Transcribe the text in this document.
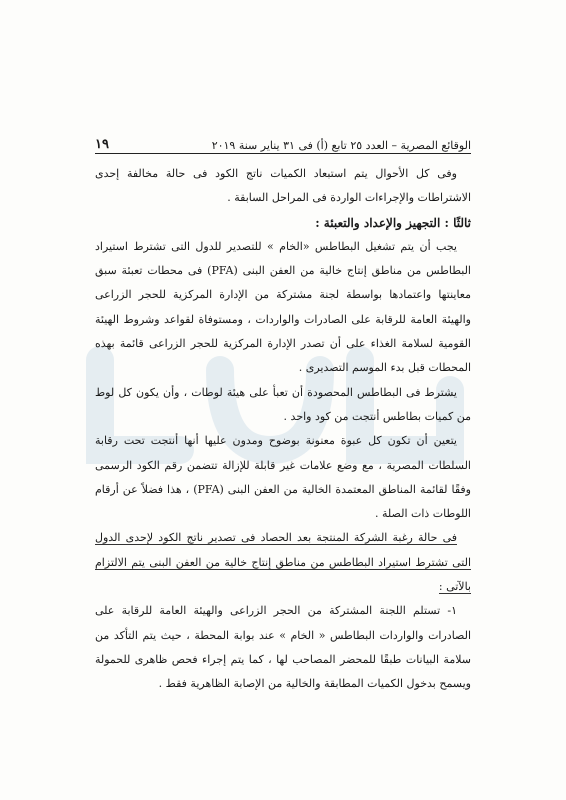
١٩	الوقائع المصرية – العدد ٢٥ تابع (أ) فى ٣١ يناير سنة ٢٠١٩

وفى كل الأحوال يتم استبعاد الكميات ناتج الكود فى حالة مخالفة إحدى الاشتراطات والإجراءات الواردة فى المراحل السابقة .

ثالثًا : التجهيز والإعداد والتعبئة :

يجب أن يتم تشغيل البطاطس «الخام » للتصدير للدول التى تشترط استيراد البطاطس من مناطق إنتاج خالية من العفن البنى (PFA) فى محطات تعبئة سبق معاينتها واعتمادها بواسطة لجنة مشتركة من الإدارة المركزية للحجر الزراعى والهيئة العامة للرقابة على الصادرات والواردات ، ومستوفاة لقواعد وشروط الهيئة القومية لسلامة الغذاء على أن تصدر الإدارة المركزية للحجر الزراعى قائمة بهذه المحطات قبل بدء الموسم التصديرى .

يشترط فى البطاطس المحصودة أن تعبأ على هيئة لوطات ، وأن يكون كل لوط من كميات بطاطس أنتجت من كود واحد .

يتعين أن تكون كل عبوة معنونة بوضوح ومدون عليها أنها أنتجت تحت رقابة السلطات المصرية ، مع وضع علامات غير قابلة للإزالة تتضمن رقم الكود الرسمى وفقًا لقائمة المناطق المعتمدة الخالية من العفن البنى (PFA) ، هذا فضلاً عن أرقام اللوطات ذات الصلة .

فى حالة رغبة الشركة المنتجة بعد الحصاد فى تصدير ناتج الكود لإحدى الدول التى تشترط استيراد البطاطس من مناطق إنتاج خالية من العفن البنى يتم الالتزام بالآتى :

١- تستلم اللجنة المشتركة من الحجر الزراعى والهيئة العامة للرقابة على الصادرات والواردات البطاطس « الخام » عند بوابة المحطة ، حيث يتم التأكد من سلامة البيانات طبقًا للمحضر المصاحب لها ، كما يتم إجراء فحص ظاهرى للحمولة ويسمح بدخول الكميات المطابقة والخالية من الإصابة الظاهرية فقط .
